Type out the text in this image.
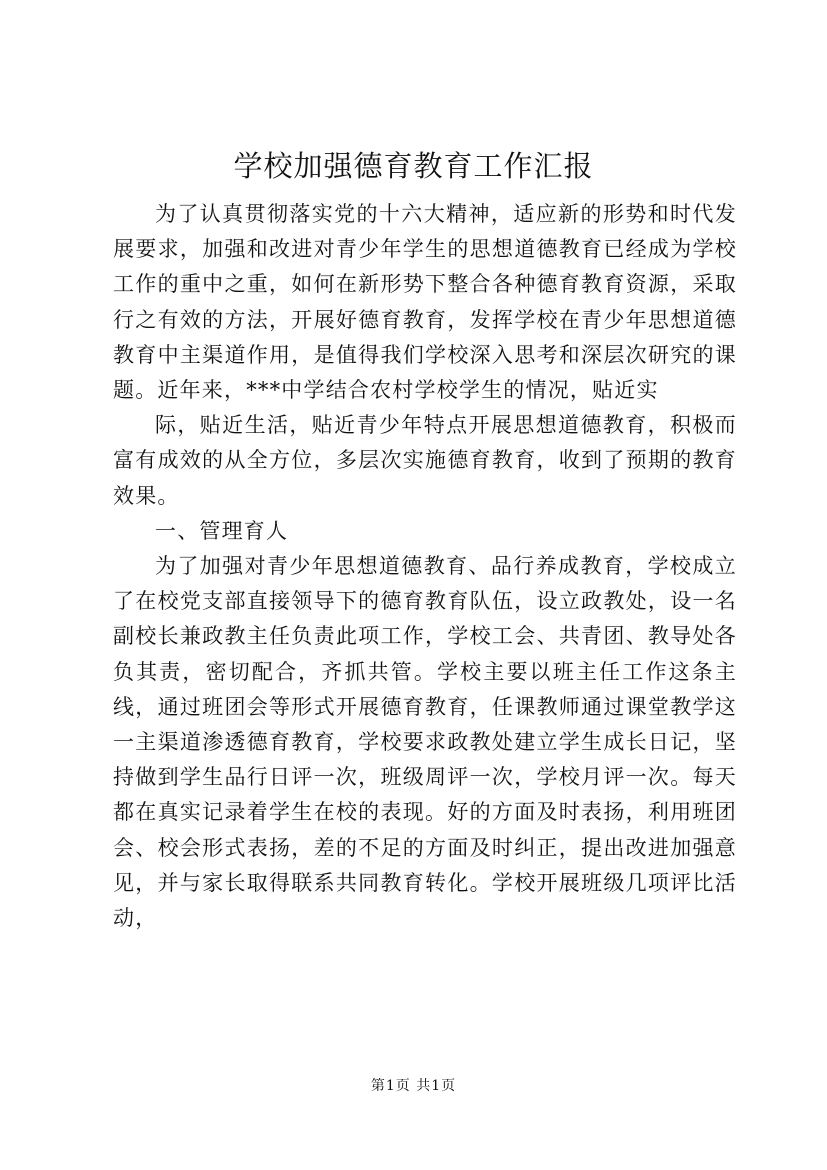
学校加强德育教育工作汇报

为了认真贯彻落实党的十六大精神，适应新的形势和时代发展要求，加强和改进对青少年学生的思想道德教育已经成为学校工作的重中之重，如何在新形势下整合各种德育教育资源，采取行之有效的方法，开展好德育教育，发挥学校在青少年思想道德教育中主渠道作用，是值得我们学校深入思考和深层次研究的课题。近年来，***中学结合农村学校学生的情况，贴近实

际，贴近生活，贴近青少年特点开展思想道德教育，积极而富有成效的从全方位，多层次实施德育教育，收到了预期的教育效果。

一、管理育人

为了加强对青少年思想道德教育、品行养成教育，学校成立了在校党支部直接领导下的德育教育队伍，设立政教处，设一名副校长兼政教主任负责此项工作，学校工会、共青团、教导处各负其责，密切配合，齐抓共管。学校主要以班主任工作这条主线，通过班团会等形式开展德育教育，任课教师通过课堂教学这一主渠道渗透德育教育，学校要求政教处建立学生成长日记，坚持做到学生品行日评一次，班级周评一次，学校月评一次。每天都在真实记录着学生在校的表现。好的方面及时表扬，利用班团会、校会形式表扬，差的不足的方面及时纠正，提出改进加强意见，并与家长取得联系共同教育转化。学校开展班级几项评比活动，

第1页 共1页
